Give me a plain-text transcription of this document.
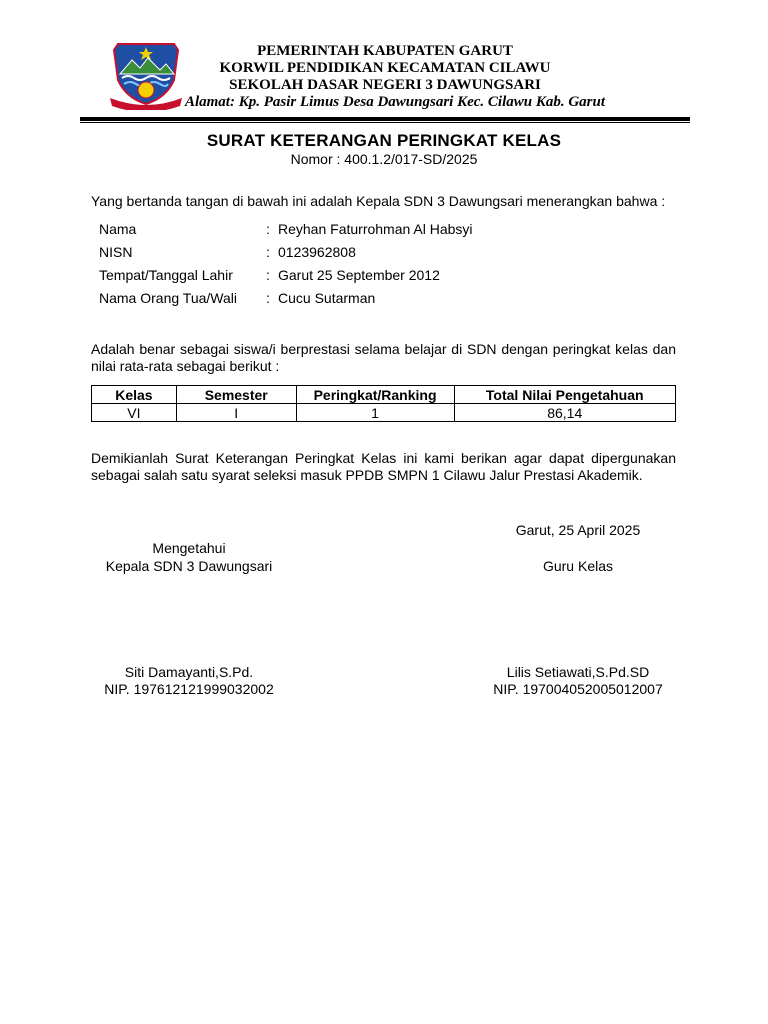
PEMERINTAH KABUPATEN GARUT
KORWIL PENDIDIKAN KECAMATAN CILAWU
SEKOLAH DASAR NEGERI 3 DAWUNGSARI
Alamat: Kp. Pasir Limus Desa Dawungsari Kec. Cilawu Kab. Garut
SURAT KETERANGAN PERINGKAT KELAS
Nomor : 400.1.2/017-SD/2025
Yang bertanda tangan di bawah ini adalah Kepala SDN 3 Dawungsari menerangkan bahwa :
Nama	: Reyhan Faturrohman Al Habsyi
NISN	: 0123962808
Tempat/Tanggal Lahir : Garut 25 September 2012
Nama Orang Tua/Wali : Cucu Sutarman
Adalah benar sebagai siswa/i berprestasi selama belajar di SDN dengan peringkat kelas dan nilai rata-rata sebagai berikut :
Kelas	Semester	Peringkat/Ranking	Total Nilai Pengetahuan
VI	I	1	86,14
Demikianlah Surat Keterangan Peringkat Kelas ini kami berikan agar dapat dipergunakan sebagai salah satu syarat seleksi masuk PPDB SMPN 1 Cilawu Jalur Prestasi Akademik.
Garut, 25 April 2025
Mengetahui
Kepala SDN 3 Dawungsari	Guru Kelas
Siti Damayanti,S.Pd.
NIP. 197612121999032002
Lilis Setiawati,S.Pd.SD
NIP. 197004052005012007
